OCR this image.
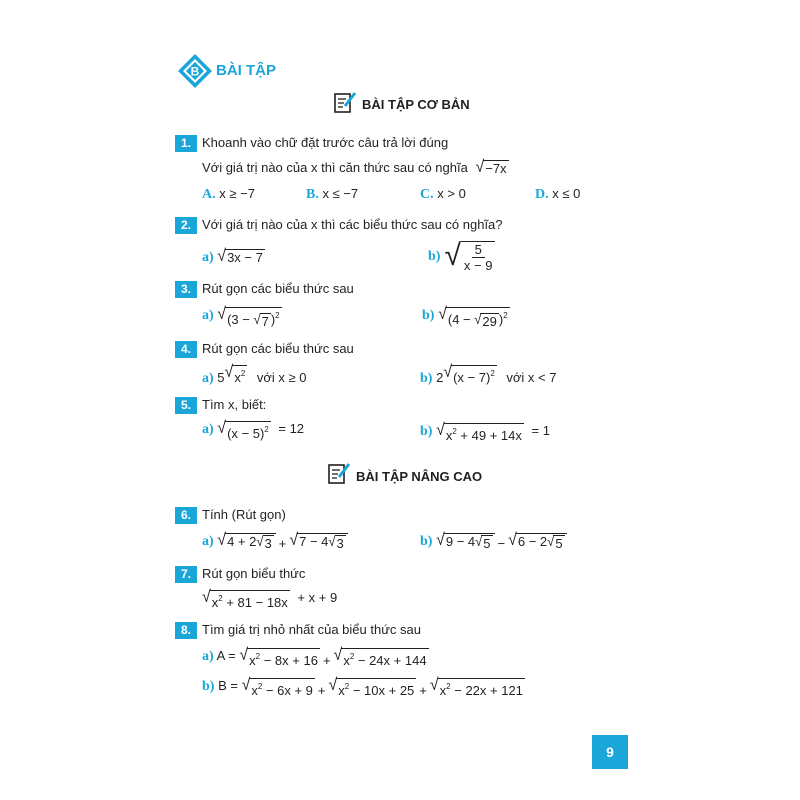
B BÀI TẬP
BÀI TẬP CƠ BẢN
1. Khoanh vào chữ đặt trước câu trả lời đúng
Với giá trị nào của x thì căn thức sau có nghĩa √ −7x
A. x ≥ −7	B. x ≤ −7	C. x > 0	D. x ≤ 0
2. Với giá trị nào của x thì các biểu thức sau có nghĩa?
a) √ 3x − 7	b) √ $\frac{5}{x - 9}$
3. Rút gọn các biểu thức sau
a) √ (3 − √ 7 )$^2$	b) √ (4 − √ 29 )$^2$
4. Rút gọn các biểu thức sau
a) 5 √ $x^2$ với x ≥ 0	b) 2 √ $(x - 7)^2$ với x < 7
5. Tìm x, biết:
a) √ $(x - 5)^2 = 12$	b) √ $x^2 + 49 + 14x = 1$
BÀI TẬP NÂNG CAO
6. Tính (Rút gọn)
a) √ 4 + 2 √ 3 + √ 7 − 4 √ 3	b) √ 9 − 4 √ 5 − √ 6 − 2 √ 5
7. Rút gọn biểu thức
√ $x^2 + 81 - 18x + x + 9$
8. Tìm giá trị nhỏ nhất của biểu thức sau
a) A = √ $x^2 - 8x + 16$ + √ $x^2 - 24x + 144$
b) B = √ $x^2 - 6x + 9$ + √ $x^2 - 10x + 25$ + √ $x^2 - 22x + 121$
9
